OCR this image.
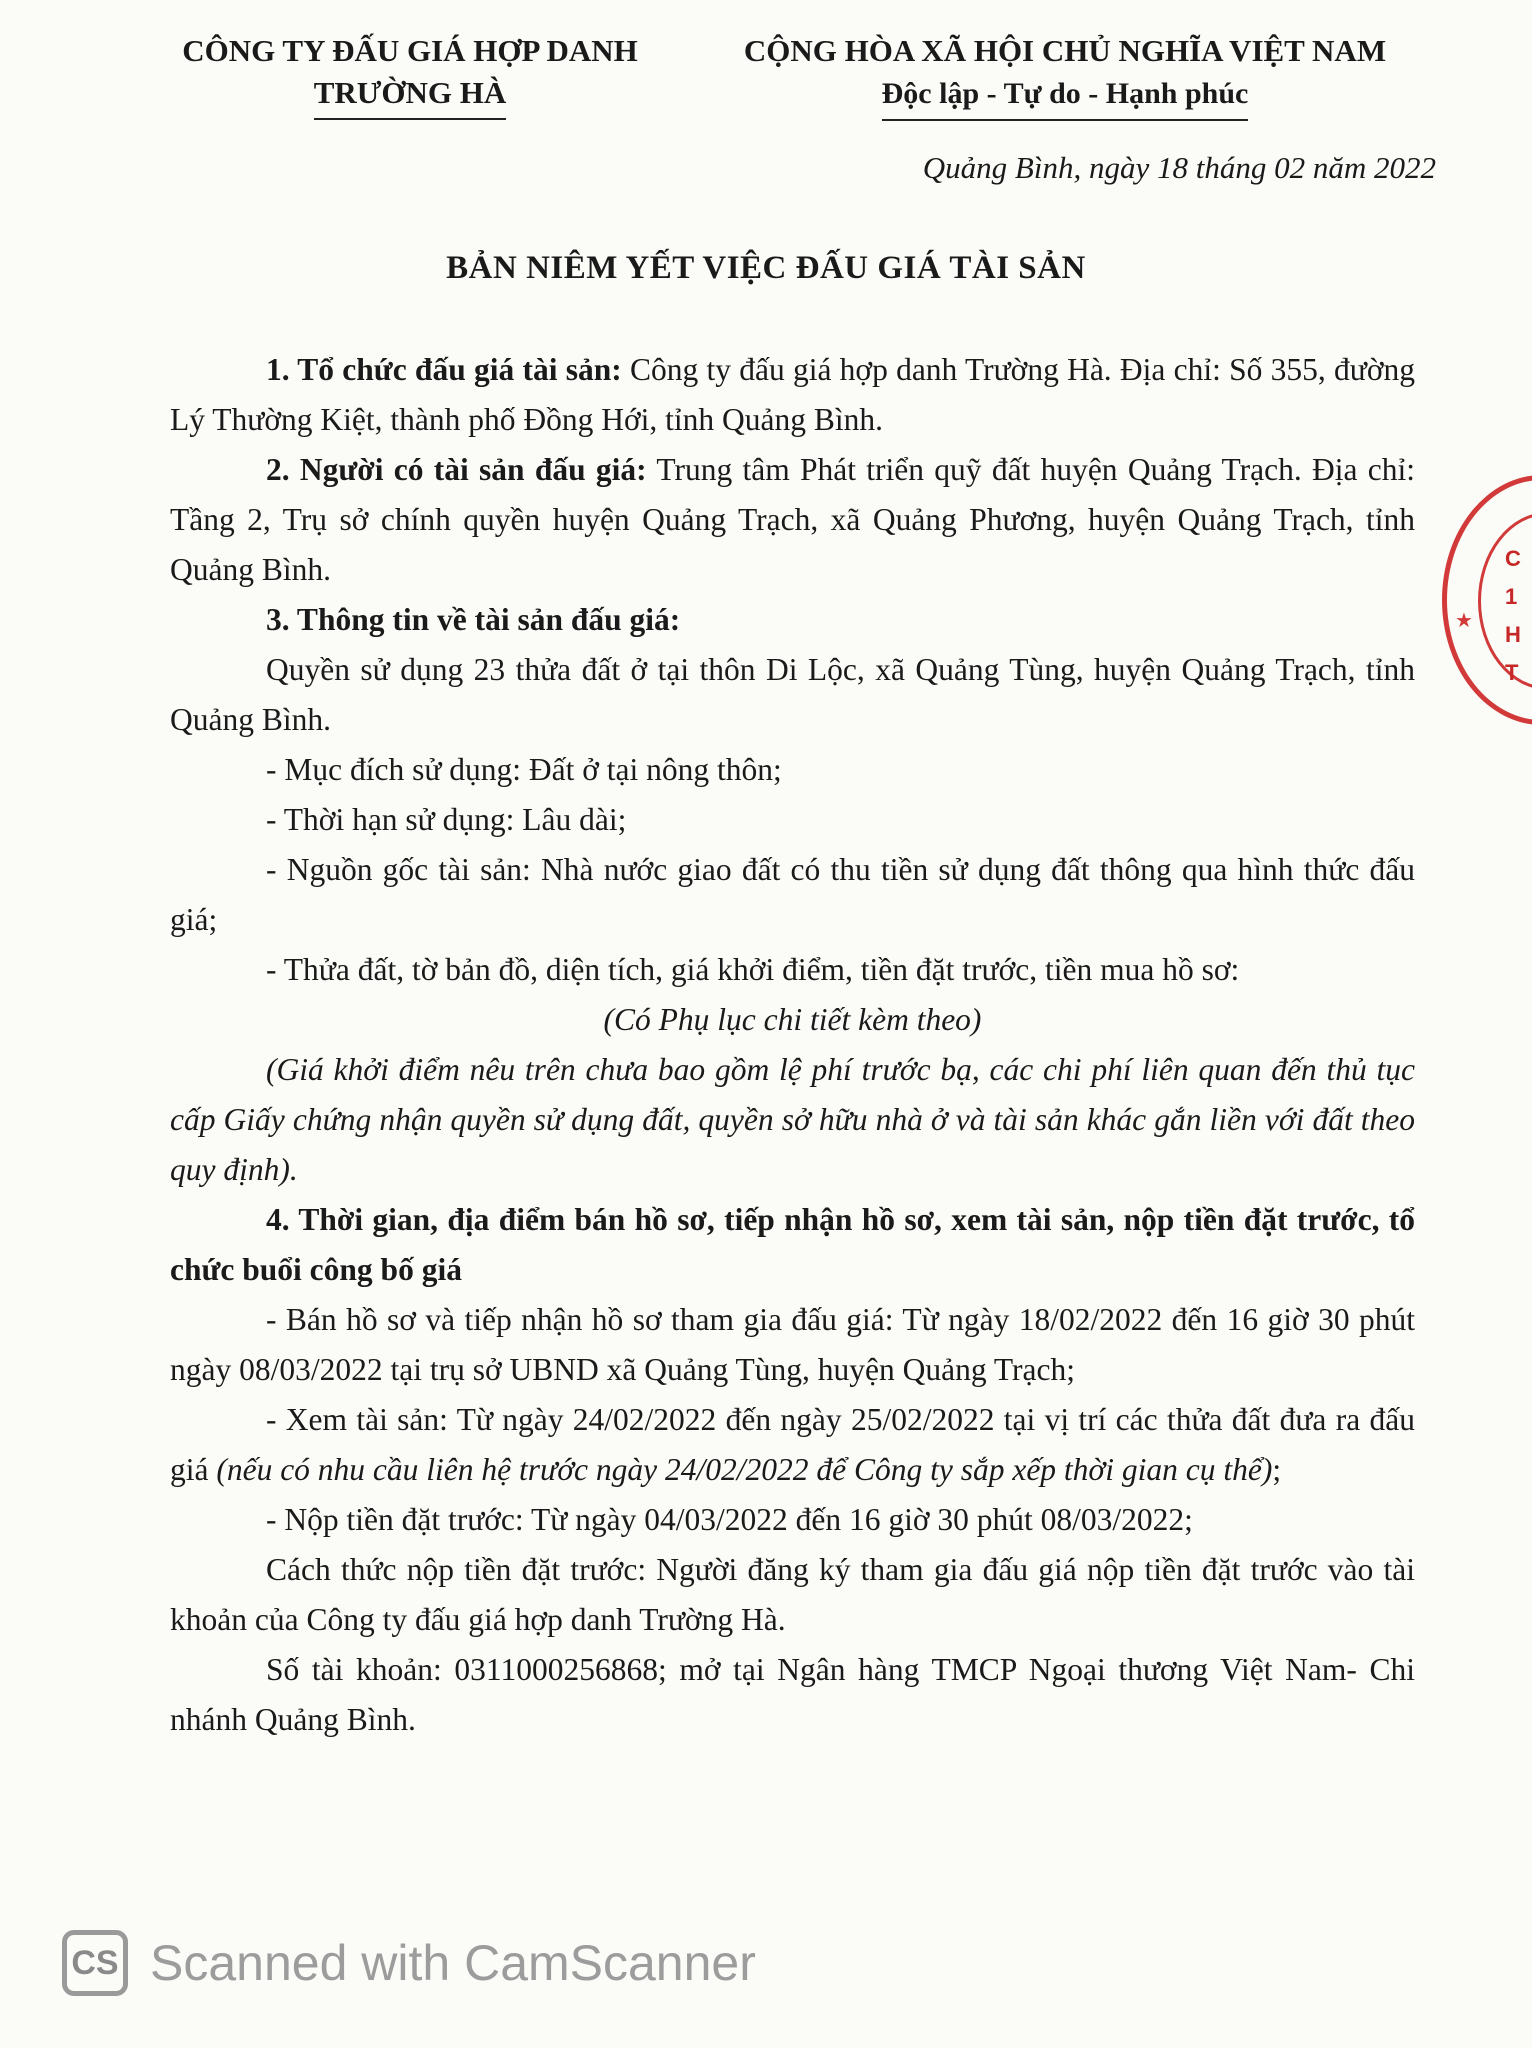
CÔNG TY ĐẤU GIÁ HỢP DANH
TRƯỜNG HÀ
CỘNG HÒA XÃ HỘI CHỦ NGHĨA VIỆT NAM
Độc lập - Tự do - Hạnh phúc
Quảng Bình, ngày 18 tháng 02 năm 2022
BẢN NIÊM YẾT VIỆC ĐẤU GIÁ TÀI SẢN

1. Tổ chức đấu giá tài sản: Công ty đấu giá hợp danh Trường Hà. Địa chỉ: Số 355, đường Lý Thường Kiệt, thành phố Đồng Hới, tỉnh Quảng Bình.

2. Người có tài sản đấu giá: Trung tâm Phát triển quỹ đất huyện Quảng Trạch. Địa chỉ: Tầng 2, Trụ sở chính quyền huyện Quảng Trạch, xã Quảng Phương, huyện Quảng Trạch, tỉnh Quảng Bình.

3. Thông tin về tài sản đấu giá:

Quyền sử dụng 23 thửa đất ở tại thôn Di Lộc, xã Quảng Tùng, huyện Quảng Trạch, tỉnh Quảng Bình.

- Mục đích sử dụng: Đất ở tại nông thôn;

- Thời hạn sử dụng: Lâu dài;

- Nguồn gốc tài sản: Nhà nước giao đất có thu tiền sử dụng đất thông qua hình thức đấu giá;

- Thửa đất, tờ bản đồ, diện tích, giá khởi điểm, tiền đặt trước, tiền mua hồ sơ:

(Có Phụ lục chi tiết kèm theo)

(Giá khởi điểm nêu trên chưa bao gồm lệ phí trước bạ, các chi phí liên quan đến thủ tục cấp Giấy chứng nhận quyền sử dụng đất, quyền sở hữu nhà ở và tài sản khác gắn liền với đất theo quy định).

4. Thời gian, địa điểm bán hồ sơ, tiếp nhận hồ sơ, xem tài sản, nộp tiền đặt trước, tổ chức buổi công bố giá

- Bán hồ sơ và tiếp nhận hồ sơ tham gia đấu giá: Từ ngày 18/02/2022 đến 16 giờ 30 phút ngày 08/03/2022 tại trụ sở UBND xã Quảng Tùng, huyện Quảng Trạch;

- Xem tài sản: Từ ngày 24/02/2022 đến ngày 25/02/2022 tại vị trí các thửa đất đưa ra đấu giá (nếu có nhu cầu liên hệ trước ngày 24/02/2022 để Công ty sắp xếp thời gian cụ thể);

- Nộp tiền đặt trước: Từ ngày 04/03/2022 đến 16 giờ 30 phút 08/03/2022;

Cách thức nộp tiền đặt trước: Người đăng ký tham gia đấu giá nộp tiền đặt trước vào tài khoản của Công ty đấu giá hợp danh Trường Hà.

Số tài khoản: 0311000256868; mở tại Ngân hàng TMCP Ngoại thương Việt Nam- Chi nhánh Quảng Bình.

★
C
1
H
T
CS Scanned with CamScanner
